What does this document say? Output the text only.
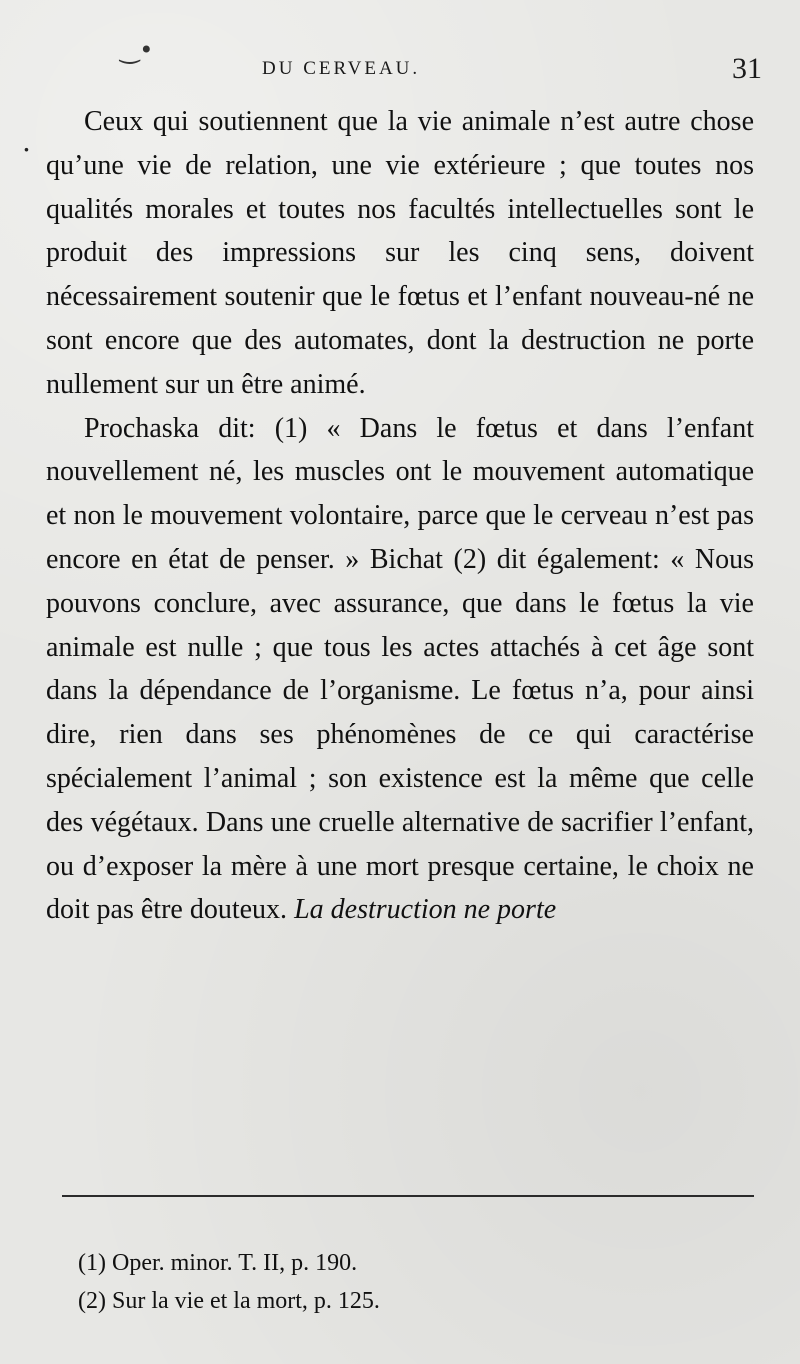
‿•
DU CERVEAU.	31
.

Ceux qui soutiennent que la vie animale n’est autre chose qu’une vie de relation, une vie extérieure ; que toutes nos qualités morales et toutes nos facultés intellectuelles sont le produit des impressions sur les cinq sens, doivent nécessairement soutenir que le fœtus et l’enfant nouveau-né ne sont encore que des automates, dont la destruction ne porte nullement sur un être animé.

Prochaska dit: (1) « Dans le fœtus et dans l’enfant nouvellement né, les muscles ont le mouvement automatique et non le mouvement volontaire, parce que le cerveau n’est pas encore en état de penser. » Bichat (2) dit également: « Nous pouvons conclure, avec assurance, que dans le fœtus la vie animale est nulle ; que tous les actes attachés à cet âge sont dans la dépendance de l’organisme. Le fœtus n’a, pour ainsi dire, rien dans ses phénomènes de ce qui caractérise spécialement l’animal ; son existence est la même que celle des végétaux. Dans une cruelle alternative de sacrifier l’enfant, ou d’exposer la mère à une mort presque certaine, le choix ne doit pas être douteux. La destruction ne porte

(1) Oper. minor. T. II, p. 190.
(2) Sur la vie et la mort, p. 125.
